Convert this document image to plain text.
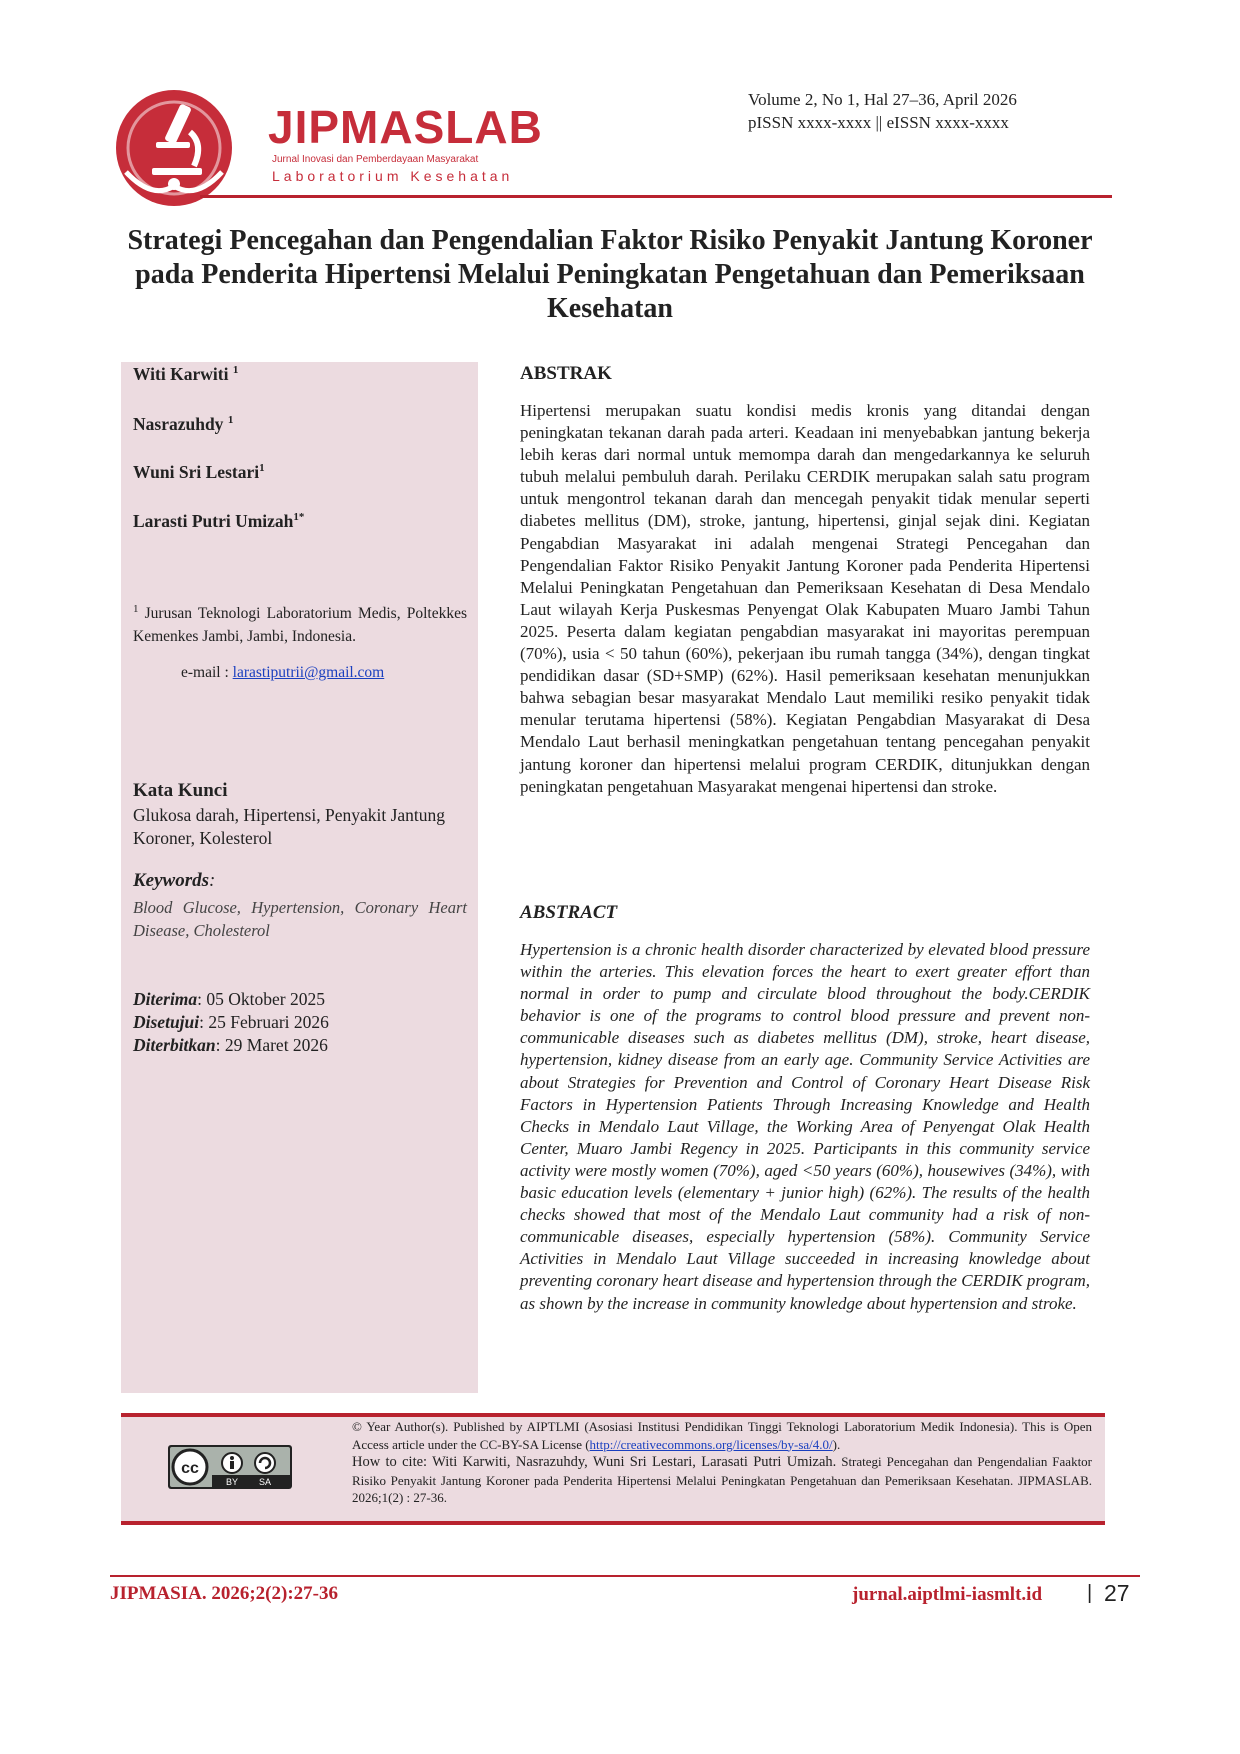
JIPMASLAB
Jurnal Inovasi dan Pemberdayaan Masyarakat
Laboratorium Kesehatan
Volume 2, No 1, Hal 27–36, April 2026
pISSN xxxx-xxxx || eISSN xxxx-xxxx
Strategi Pencegahan dan Pengendalian Faktor Risiko Penyakit Jantung Koroner pada Penderita Hipertensi Melalui Peningkatan Pengetahuan dan Pemeriksaan Kesehatan
Witi Karwiti $^1$
Nasrazuhdy $^1$
Wuni Sri Lestari$^1$
Larasti Putri Umizah$^{1*}$
$^1$ Jurusan Teknologi Laboratorium Medis, Poltekkes Kemenkes Jambi, Jambi, Indonesia.
e-mail : larastiputrii@gmail.com
Kata Kunci
Glukosa darah, Hipertensi, Penyakit Jantung Koroner, Kolesterol
Keywords:
Blood Glucose, Hypertension, Coronary Heart Disease, Cholesterol
Diterima: 05 Oktober 2025
Disetujui: 25 Februari 2026
Diterbitkan: 29 Maret 2026
ABSTRAK
Hipertensi merupakan suatu kondisi medis kronis yang ditandai dengan peningkatan tekanan darah pada arteri. Keadaan ini menyebabkan jantung bekerja lebih keras dari normal untuk memompa darah dan mengedarkannya ke seluruh tubuh melalui pembuluh darah. Perilaku CERDIK merupakan salah satu program untuk mengontrol tekanan darah dan mencegah penyakit tidak menular seperti diabetes mellitus (DM), stroke, jantung, hipertensi, ginjal sejak dini. Kegiatan Pengabdian Masyarakat ini adalah mengenai Strategi Pencegahan dan Pengendalian Faktor Risiko Penyakit Jantung Koroner pada Penderita Hipertensi Melalui Peningkatan Pengetahuan dan Pemeriksaan Kesehatan di Desa Mendalo Laut wilayah Kerja Puskesmas Penyengat Olak Kabupaten Muaro Jambi Tahun 2025. Peserta dalam kegiatan pengabdian masyarakat ini mayoritas perempuan (70%), usia < 50 tahun (60%), pekerjaan ibu rumah tangga (34%), dengan tingkat pendidikan dasar (SD+SMP) (62%). Hasil pemeriksaan kesehatan menunjukkan bahwa sebagian besar masyarakat Mendalo Laut memiliki resiko penyakit tidak menular terutama hipertensi (58%). Kegiatan Pengabdian Masyarakat di Desa Mendalo Laut berhasil meningkatkan pengetahuan tentang pencegahan penyakit jantung koroner dan hipertensi melalui program CERDIK, ditunjukkan dengan peningkatan pengetahuan Masyarakat mengenai hipertensi dan stroke.
ABSTRACT
Hypertension is a chronic health disorder characterized by elevated blood pressure within the arteries. This elevation forces the heart to exert greater effort than normal in order to pump and circulate blood throughout the body.CERDIK behavior is one of the programs to control blood pressure and prevent non-communicable diseases such as diabetes mellitus (DM), stroke, heart disease, hypertension, kidney disease from an early age. Community Service Activities are about Strategies for Prevention and Control of Coronary Heart Disease Risk Factors in Hypertension Patients Through Increasing Knowledge and Health Checks in Mendalo Laut Village, the Working Area of Penyengat Olak Health Center, Muaro Jambi Regency in 2025. Participants in this community service activity were mostly women (70%), aged <50 years (60%), housewives (34%), with basic education levels (elementary + junior high) (62%). The results of the health checks showed that most of the Mendalo Laut community had a risk of non-communicable diseases, especially hypertension (58%). Community Service Activities in Mendalo Laut Village succeeded in increasing knowledge about preventing coronary heart disease and hypertension through the CERDIK program, as shown by the increase in community knowledge about hypertension and stroke.
cc
BY SA
© Year Author(s). Published by AIPTLMI (Asosiasi Institusi Pendidikan Tinggi Teknologi Laboratorium Medik Indonesia). This is Open Access article under the CC-BY-SA License (http://creativecommons.org/licenses/by-sa/4.0/).
How to cite: Witi Karwiti, Nasrazuhdy, Wuni Sri Lestari, Larasati Putri Umizah. Strategi Pencegahan dan Pengendalian Faaktor Risiko Penyakit Jantung Koroner pada Penderita Hipertensi Melalui Peningkatan Pengetahuan dan Pemeriksaan Kesehatan. JIPMASLAB. 2026;1(2) : 27-36.
JIPMASIA. 2026;2(2):27-36	jurnal.aiptlmi-iasmlt.id | 27
